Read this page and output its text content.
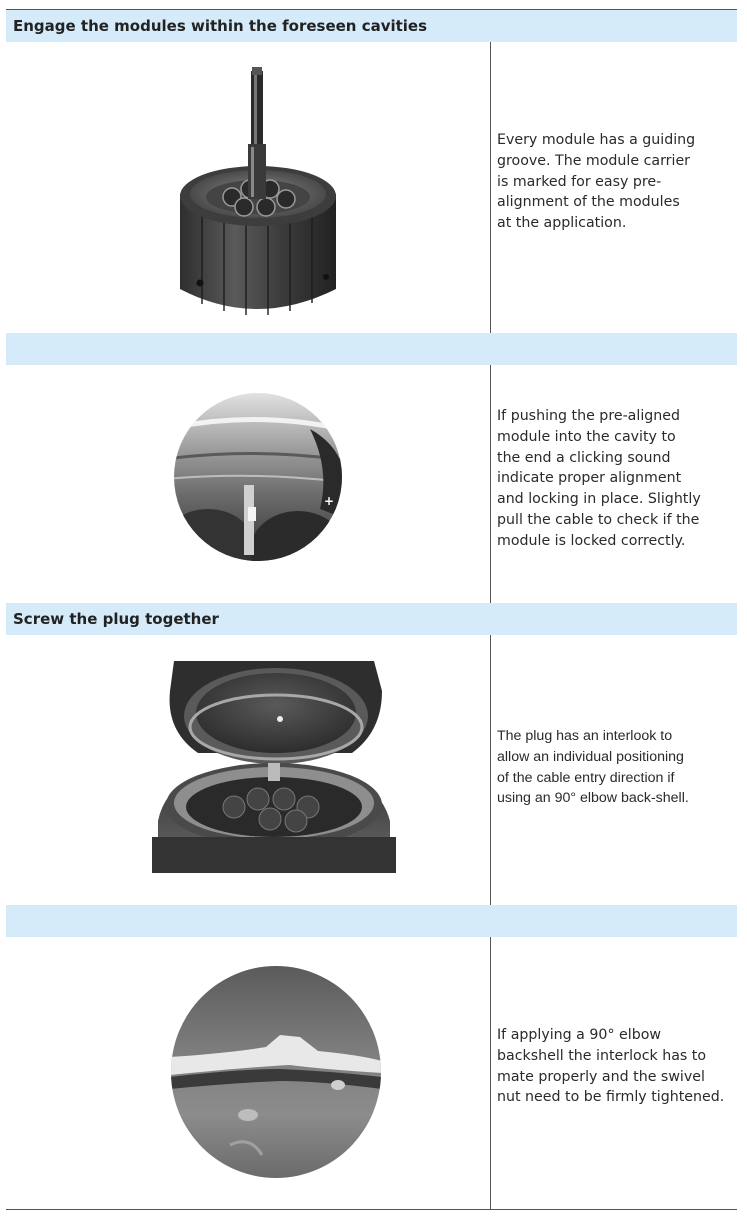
Engage the modules within the foreseen cavities
Every module has a guiding
groove. The module carrier
is marked for easy pre-
alignment of the modules
at the application.
+
If pushing the pre-aligned
module into the cavity to
the end a clicking sound
indicate proper alignment
and locking in place. Slightly
pull the cable to check if the
module is locked correctly.
Screw the plug together
The plug has an interlook to
allow an individual positioning
of the cable entry direction if
using an 90° elbow back-shell.
If applying a 90° elbow
backshell the interlock has to
mate properly and the swivel
nut need to be firmly tightened.
